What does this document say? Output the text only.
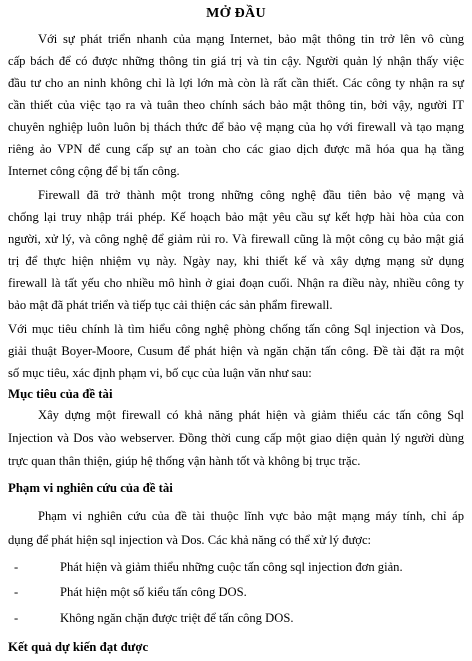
MỞ ĐẦU
Với sự phát triển nhanh của mạng Internet, bảo mật thông tin trở lên vô cùng
cấp bách để có được những thông tin giá trị và tin cậy. Người quản lý nhận thấy việc
đầu tư cho an ninh không chỉ là lợi lớn mà còn là rất cần thiết. Các công ty nhận ra sự
cần thiết của việc tạo ra và tuân theo chính sách bảo mật thông tin, bởi vậy, người IT
chuyên nghiệp luôn luôn bị thách thức để bảo vệ mạng của họ với firewall và tạo mạng
riêng ảo VPN để cung cấp sự an toàn cho các giao dịch được mã hóa qua hạ tầng
Internet công cộng để bị tấn công.
Firewall đã trở thành một trong những công nghệ đầu tiên bảo vệ mạng và
chống lại truy nhập trái phép. Kế hoạch bảo mật yêu cầu sự kết hợp hài hòa của con
người, xử lý, và công nghệ để giảm rủi ro. Và firewall cũng là một công cụ bảo mật giá
trị để thực hiện nhiệm vụ này. Ngày nay, khi thiết kế và xây dựng mạng sử dụng
firewall là tất yếu cho nhiều mô hình ở giai đoạn cuối. Nhận ra điều này, nhiều công ty
bảo mật đã phát triển và tiếp tục cải thiện các sản phẩm firewall.
Với mục tiêu chính là tìm hiểu công nghệ phòng chống tấn công Sql injection và Dos,
giải thuật Boyer-Moore, Cusum để phát hiện và ngăn chặn tấn công. Đề tài đặt ra một
số mục tiêu, xác định phạm vi, bố cục của luận văn như sau:
Mục tiêu của đề tài
Xây dựng một firewall có khả năng phát hiện và giảm thiểu các tấn công Sql
Injection và Dos vào webserver. Đồng thời cung cấp một giao diện quản lý người dùng
trực quan thân thiện, giúp hệ thống vận hành tốt và không bị trục trặc.
Phạm vi nghiên cứu của đề tài
Phạm vi nghiên cứu của đề tài thuộc lĩnh vực bảo mật mạng máy tính, chỉ áp
dụng để phát hiện sql injection và Dos. Các khả năng có thể xử lý được:
-	Phát hiện và giảm thiểu những cuộc tấn công sql injection đơn giản.
-	Phát hiện một số kiểu tấn công DOS.
-	Không ngăn chặn được triệt để tấn công DOS.
Kết quả dự kiến đạt được
